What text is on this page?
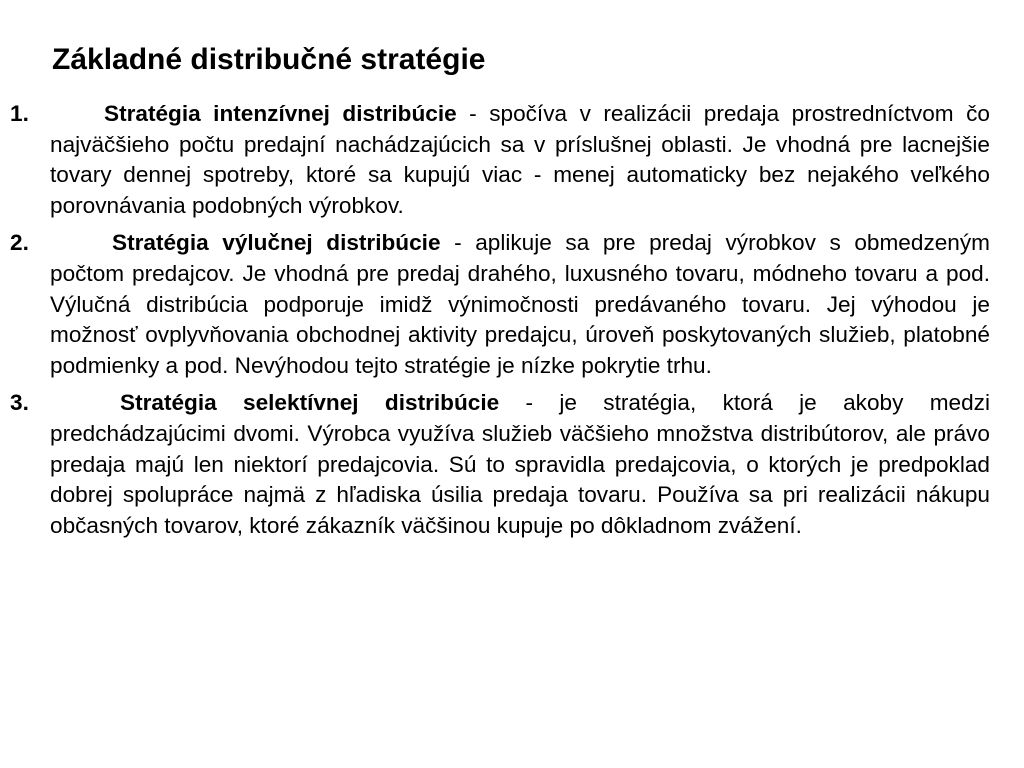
Základné distribučné stratégie
1.	Stratégia intenzívnej distribúcie - spočíva v realizácii predaja prostredníctvom čo najväčšieho počtu predajní nachádzajúcich sa v príslušnej oblasti. Je vhodná pre lacnejšie tovary dennej spotreby, ktoré sa kupujú viac - menej automaticky bez nejakého veľkého porovnávania podobných výrobkov.
2.	Stratégia výlučnej distribúcie - aplikuje sa pre predaj výrobkov s obmedzeným počtom predajcov. Je vhodná pre predaj drahého, luxusného tovaru, módneho tovaru a pod. Výlučná distribúcia podporuje imidž výnimočnosti predávaného tovaru. Jej výhodou je možnosť ovplyvňovania obchodnej aktivity predajcu, úroveň poskytovaných služieb, platobné podmienky a pod. Nevýhodou tejto stratégie je nízke pokrytie trhu.
3.	Stratégia selektívnej distribúcie - je stratégia, ktorá je akoby medzi predchádzajúcimi dvomi. Výrobca využíva služieb väčšieho množstva distribútorov, ale právo predaja majú len niektorí predajcovia. Sú to spravidla predajcovia, o ktorých je predpoklad dobrej spolupráce najmä z hľadiska úsilia predaja tovaru. Používa sa pri realizácii nákupu občasných tovarov, ktoré zákazník väčšinou kupuje po dôkladnom zvážení.
